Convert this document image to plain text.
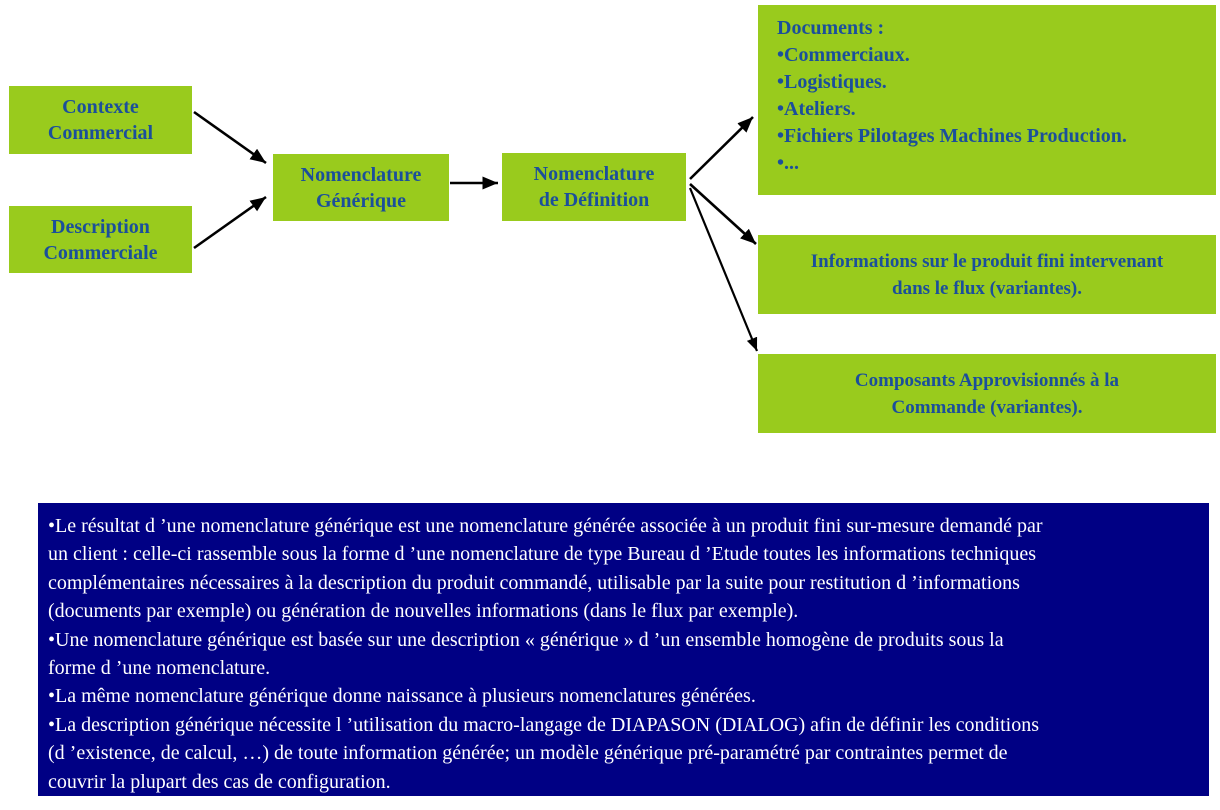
Contexte
Commercial
Description
Commerciale
Nomenclature
Générique
Nomenclature
de Définition
Documents :
•Commerciaux.
•Logistiques.
•Ateliers.
•Fichiers Pilotages Machines Production.
•...
Informations sur le produit fini intervenant
dans le flux (variantes).
Composants Approvisionnés à la
Commande (variantes).
•Le résultat d ’une nomenclature générique est une nomenclature générée associée à un produit fini sur-mesure demandé par
un client : celle-ci rassemble sous la forme d ’une nomenclature de type Bureau d ’Etude toutes les informations techniques
complémentaires nécessaires à la description du produit commandé, utilisable par la suite pour restitution d ’informations
(documents par exemple) ou génération de nouvelles informations (dans le flux par exemple).
•Une nomenclature générique est basée sur une description « générique » d ’un ensemble homogène de produits sous la
forme d ’une nomenclature.
•La même nomenclature générique donne naissance à plusieurs nomenclatures générées.
•La description générique nécessite l ’utilisation du macro-langage de DIAPASON (DIALOG) afin de définir les conditions
(d ’existence, de calcul, …) de toute information générée; un modèle générique pré-paramétré par contraintes permet de
couvrir la plupart des cas de configuration.
